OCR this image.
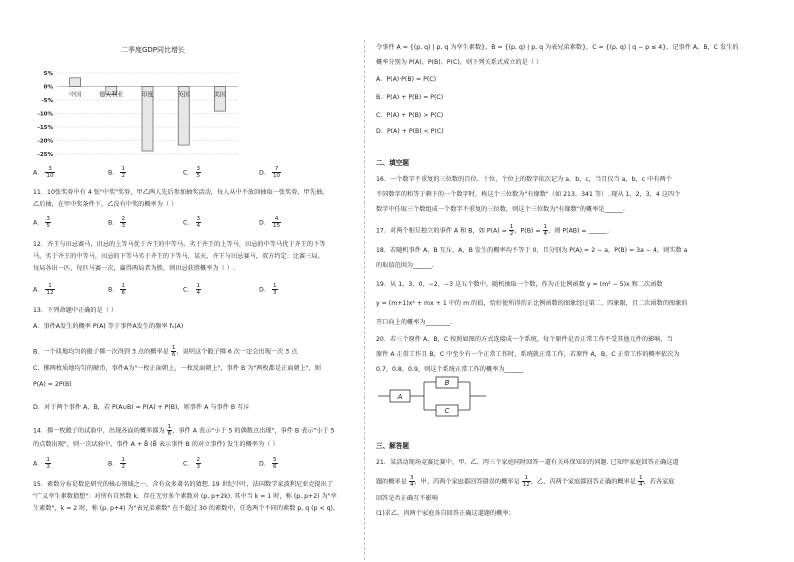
二季度GDP同比增长
5%
0%
-5%
-10%
-15%
-20%
-25%
中国	德大利亚	印度	英国	美国
A． $\frac{3}{10}$	B． $\frac{1}{2}$	C． $\frac{3}{5}$	D． $\frac{7}{10}$
11．10张奖券中有 4 张"中奖"奖券，甲乙两人先后参加抽奖活动，每人从中不放回抽取一张奖券，甲先抽，
乙后抽，在甲中奖条件下，乙没有中奖的概率为（ ）
A． $\frac{3}{5}$	B． $\frac{2}{3}$	C． $\frac{3}{4}$	D． $\frac{4}{15}$
12．齐王与田忌赛马，田忌的上等马优于齐王的中等马，劣于齐王的上等马，田忌的中等马优于齐王的下等
马，劣于齐王的中等马，田忌的下等马劣于齐王的下等马，某天，齐王与田忌赛马，双方约定：比赛三局，
每局各出一匹，每匹马赛一次，赢得两局者为胜，则田忌获胜概率为（ ）.
A． $\frac{1}{12}$	B． $\frac{1}{6}$	C． $\frac{1}{4}$	D． $\frac{1}{3}$
13．下列命题中正确的是（ ）
A．事件A发生的概率 P(A) 等于事件A发生的频率 fₙ(A)
B．一个质地均匀的骰子掷一次得到 3 点的概率是 $\frac{1}{6}$ ，说明这个骰子掷 6 次一定会出现一次 3 点
C．掷两枚质地均匀的硬币，事件A为"一枚正面朝上，一枚反面朝上"，事件 B 为"两枚都是正面朝上"，则
P(A) = 2P(B)
D．对于两个事件 A，B，若 P(A∪B) = P(A) + P(B)，则事件 A 与事件 B 互斥
14．掷一枚骰子的试验中，出现各面的概率都为 $\frac{1}{6}$ ，事件 A 表示"小于 5 的偶数点出现"，事件 B 表示"小于 5
的点数出现"，则一次试验中，事件 A + B̄ (B̄ 表示事件 B 的对立事件) 发生的概率为（ ）
A． $\frac{1}{3}$	B． $\frac{1}{2}$	C． $\frac{2}{3}$	D． $\frac{5}{6}$
15．素数分布是数论研究的核心领域之一，含有众多著名的猜想. 19 世纪中叶，法国数学家波利尼亚克提出了
"广义孪生素数猜想"：对所有自然数 k，存在无穷多个素数对 (p, p+2k). 其中当 k = 1 时，称 (p, p+2) 为"孪
生素数"，k = 2 时，称 (p, p+4) 为"表兄弟素数" 在不超过 30 的素数中，任选两个不同的素数 p, q (p < q)，
令事件 A = {(p, q) | p, q 为孪生素数}，B = {(p, q) | p, q 为表兄弟素数}，C = {(p, q) | q − p ≤ 4}，记事件 A，B，C 发生的
概率分别为 P(A)、P(B)、P(C)，则下列关系式成立的是（ ）
A．P(A)·P(B) = P(C)
B．P(A) + P(B) = P(C)
C．P(A) + P(B) > P(C)
D．P(A) + P(B) < P(C)
二、填空题
16．一个数字不重复的三位数的百位、十位、个位上的数字依次记为 a，b，c，当且仅当 a，b，c 中有两个
不同数字的和等于剩下的一个数字时，称这个三位数为"有缘数"（如 213，341 等）. 现从 1，2，3，4 这四个
数字中任取三个数组成一个数字不重复的三位数，则这个三位数为"有缘数"的概率是______.
17．对两个相互独立的事件 A 和 B，如 $P(A) = \frac{1}{2}$ ，$P(B) = \frac{1}{4}$ ，则 P(AB) = ______.
18．若随机事件 A，B 互斥，A，B 发生的概率均不等于 0，且分别为 P(A) = 2 − a，P(B) = 3a − 4，则实数 a
的取值范围为______.
19．从 1，3，0，−2，−3 这五个数中，随机抽取一个数，作为正比例函数 y = (m² − 5)x 和二次函数
y = (m+1)x² + mx + 1 中的 m 的值，恰好使所得的正比例函数的图象经过第二、四象限，且二次函数的图象的
开口向上的概率为________.
20．若三个原件 A，B，C 按照如图的方式连接成一个系统，每个原件是否正常工作不受其他元件的影响，当
原件 A 正常工作且 B，C 中至少有一个正常工作时，系统就正常工作，若原件 A，B，C 正常工作的概率依次为
0.7，0.8，0.9，则这个系统正常工作的概率为______
A
B
C
三、解答题
21．某活动现场竞赛比赛中，甲、乙、丙三个家庭同时回答一道有关环保知识的问题. 已知甲家庭回答正确这道
题的概率是 $\frac{3}{4}$ ，甲、丙两个家庭都回答错误的概率是 $\frac{1}{12}$ ，乙、丙两个家庭都回答正确的概率是 $\frac{1}{4}$ ，若各家庭
回答是否正确互不影响
(1)求乙、丙两个家庭各自回答正确这道题的概率；
